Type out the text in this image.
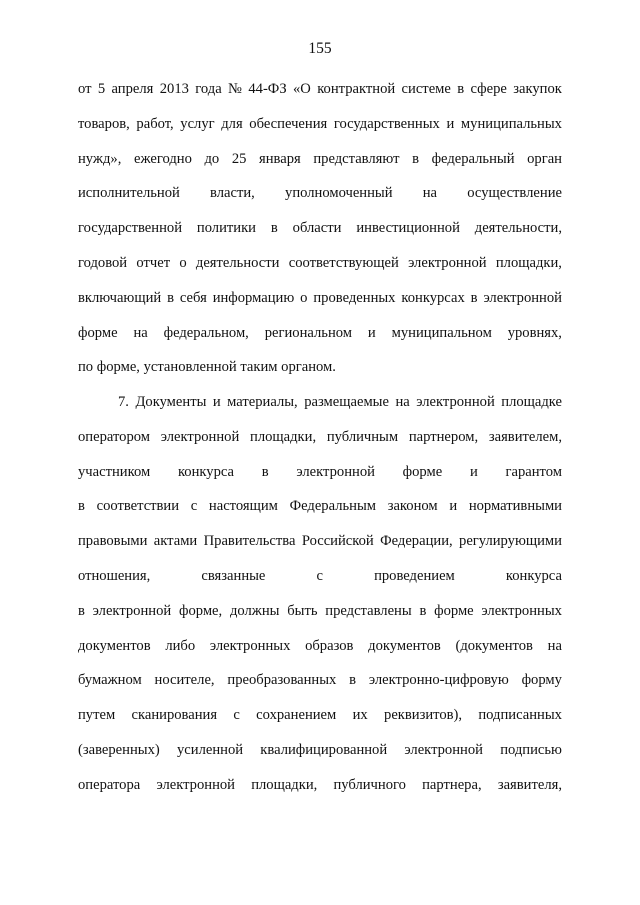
155
от 5 апреля 2013 года № 44-ФЗ «О контрактной системе в сфере закупок
товаров, работ, услуг для обеспечения государственных и муниципальных
нужд», ежегодно до 25 января представляют в федеральный орган
исполнительной власти, уполномоченный на осуществление
государственной политики в области инвестиционной деятельности,
годовой отчет о деятельности соответствующей электронной площадки,
включающий в себя информацию о проведенных конкурсах в электронной
форме на федеральном, региональном и муниципальном уровнях,
по форме, установленной таким органом.
7. Документы и материалы, размещаемые на электронной площадке
оператором электронной площадки, публичным партнером, заявителем,
участником конкурса в электронной форме и гарантом
в соответствии с настоящим Федеральным законом и нормативными
правовыми актами Правительства Российской Федерации, регулирующими
отношения,	связанные	с	проведением	конкурса
в электронной форме, должны быть представлены в форме электронных
документов либо электронных образов документов (документов на
бумажном носителе, преобразованных в электронно-цифровую форму
путем сканирования с сохранением их реквизитов), подписанных
(заверенных) усиленной квалифицированной электронной подписью
оператора электронной площадки, публичного партнера, заявителя,
